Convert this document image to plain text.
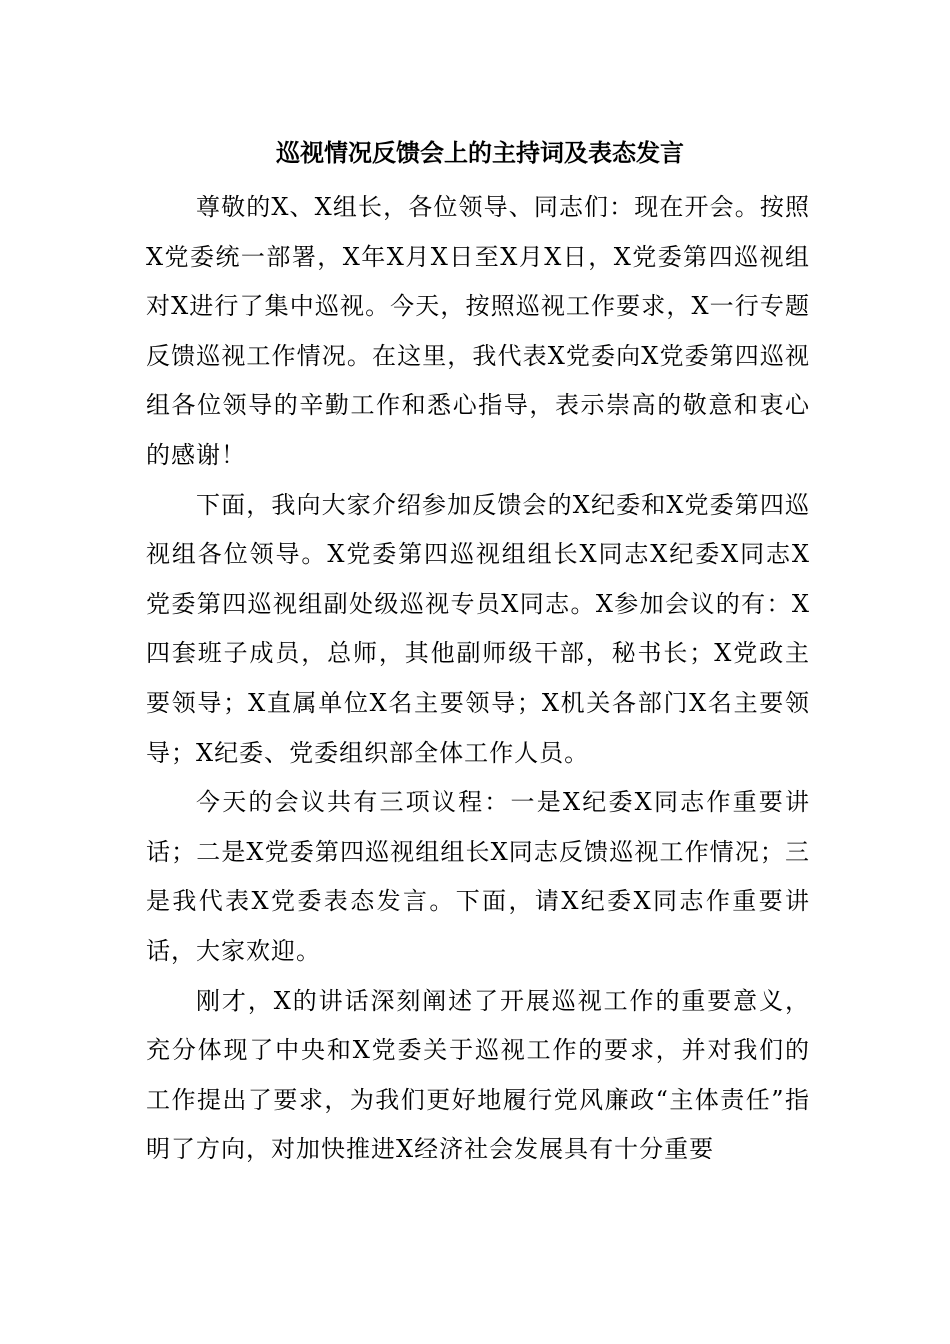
巡视情况反馈会上的主持词及表态发言

尊敬的X、X组长，各位领导、同志们：现在开会。按照X党委统一部署，X年X月X日至X月X日，X党委第四巡视组对X进行了集中巡视。今天，按照巡视工作要求，X一行专题反馈巡视工作情况。在这里，我代表X党委向X党委第四巡视组各位领导的辛勤工作和悉心指导，表示崇高的敬意和衷心的感谢！

下面，我向大家介绍参加反馈会的X纪委和X党委第四巡视组各位领导。X党委第四巡视组组长X同志X纪委X同志X党委第四巡视组副处级巡视专员X同志。X参加会议的有：X四套班子成员，总师，其他副师级干部，秘书长；X党政主要领导；X直属单位X名主要领导；X机关各部门X名主要领导；X纪委、党委组织部全体工作人员。

今天的会议共有三项议程：一是X纪委X同志作重要讲话；二是X党委第四巡视组组长X同志反馈巡视工作情况；三是我代表X党委表态发言。下面，请X纪委X同志作重要讲话，大家欢迎。

刚才，X的讲话深刻阐述了开展巡视工作的重要意义，充分体现了中央和X党委关于巡视工作的要求，并对我们的工作提出了要求，为我们更好地履行党风廉政“主体责任”指明了方向，对加快推进X经济社会发展具有十分重要
